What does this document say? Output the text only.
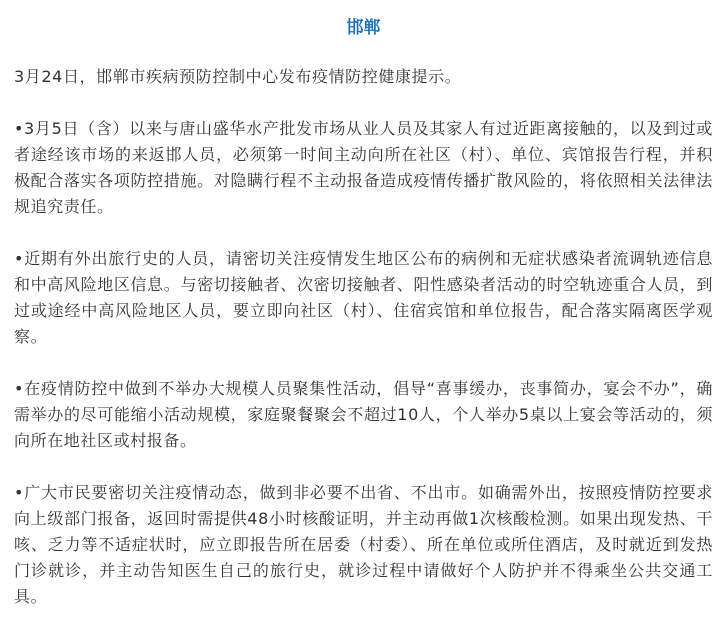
邯郸

3月24日，邯郸市疾病预防控制中心发布疫情防控健康提示。

•3月5日（含）以来与唐山盛华水产批发市场从业人员及其家人有过近距离接触的，以及到过或者途经该市场的来返邯人员，必须第一时间主动向所在社区（村）、单位、宾馆报告行程，并积极配合落实各项防控措施。对隐瞒行程不主动报备造成疫情传播扩散风险的，将依照相关法律法规追究责任。

•近期有外出旅行史的人员，请密切关注疫情发生地区公布的病例和无症状感染者流调轨迹信息和中高风险地区信息。与密切接触者、次密切接触者、阳性感染者活动的时空轨迹重合人员，到过或途经中高风险地区人员，要立即向社区（村）、住宿宾馆和单位报告，配合落实隔离医学观察。

•在疫情防控中做到不举办大规模人员聚集性活动，倡导“喜事缓办，丧事简办，宴会不办”，确需举办的尽可能缩小活动规模，家庭聚餐聚会不超过10人，个人举办5桌以上宴会等活动的，须向所在地社区或村报备。

•广大市民要密切关注疫情动态，做到非必要不出省、不出市。如确需外出，按照疫情防控要求向上级部门报备，返回时需提供48小时核酸证明，并主动再做1次核酸检测。如果出现发热、干咳、乏力等不适症状时，应立即报告所在居委（村委）、所在单位或所住酒店，及时就近到发热门诊就诊，并主动告知医生自己的旅行史，就诊过程中请做好个人防护并不得乘坐公共交通工具。
